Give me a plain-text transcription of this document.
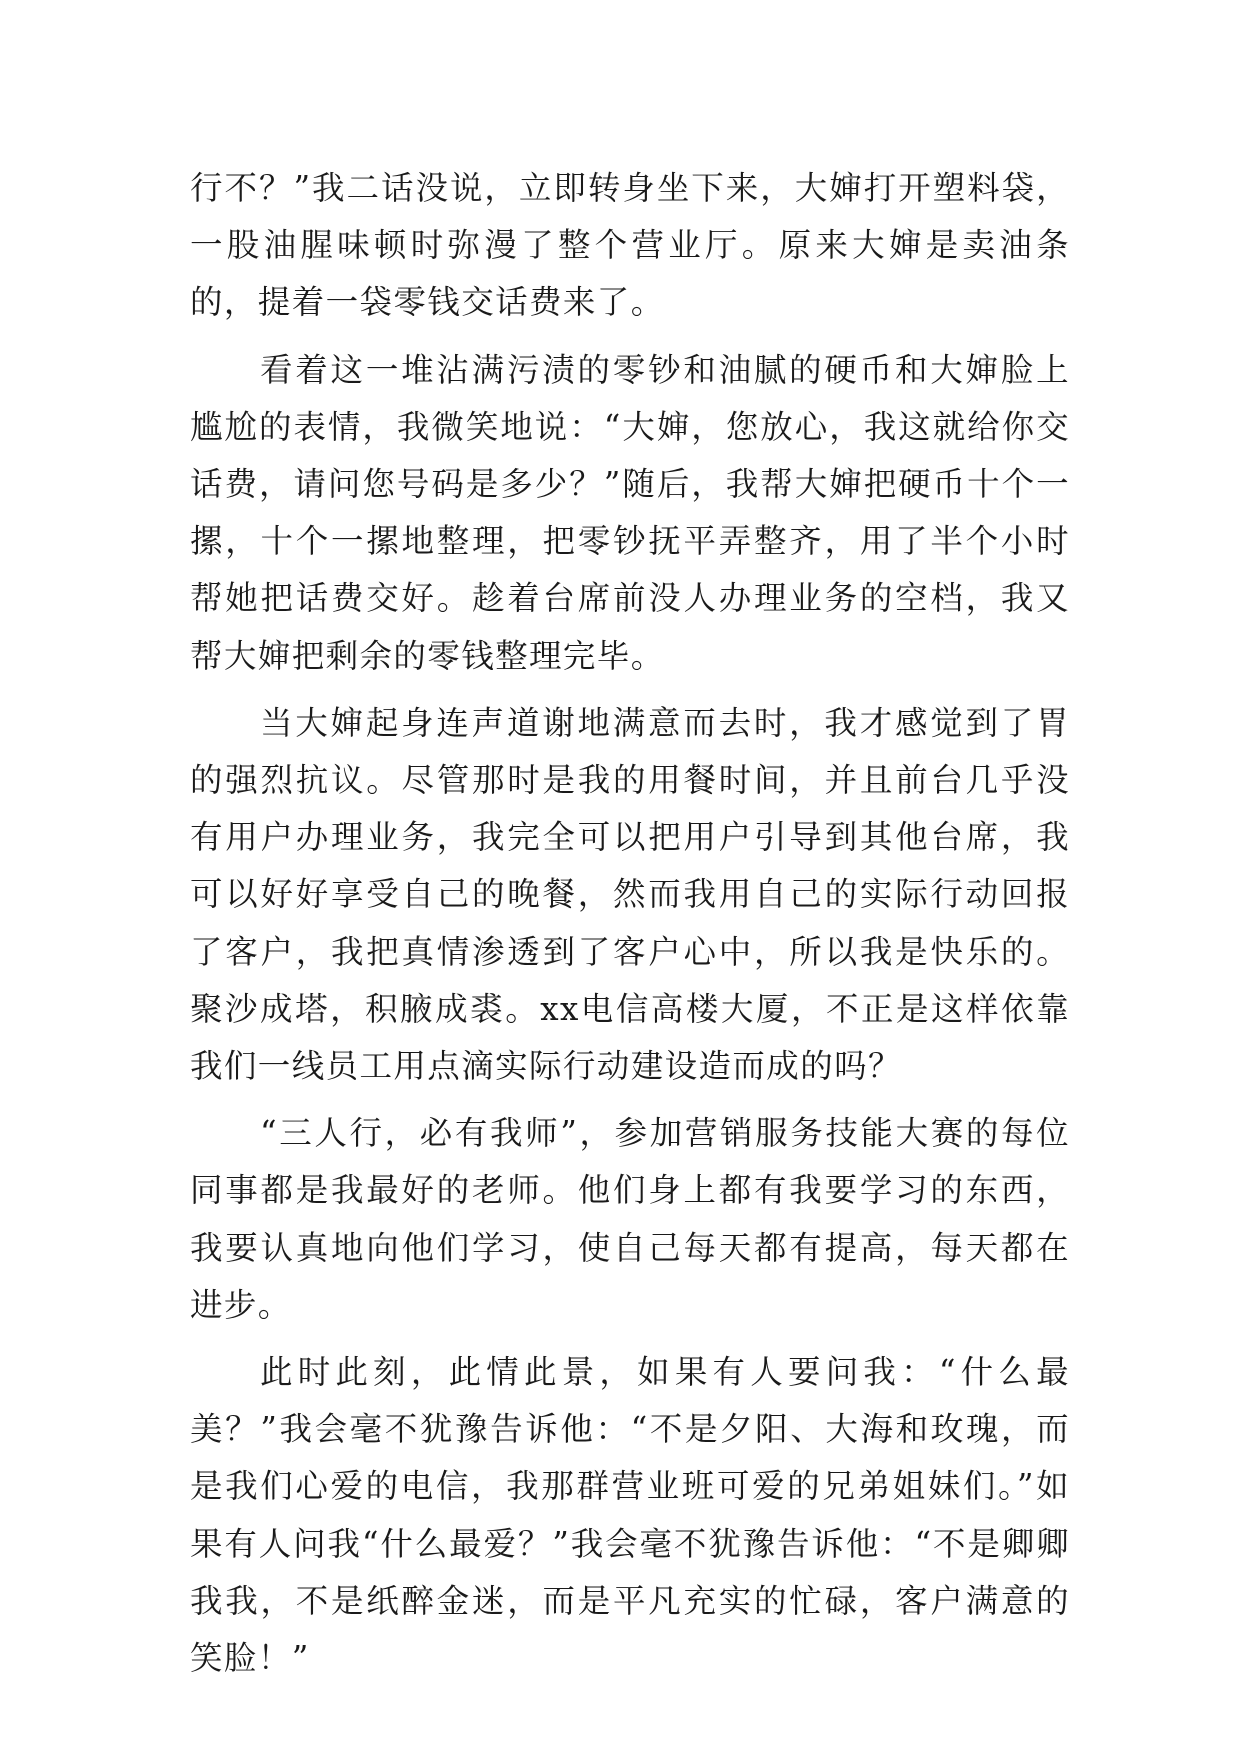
行不？”我二话没说，立即转身坐下来，大婶打开塑料袋，一股油腥味顿时弥漫了整个营业厅。原来大婶是卖油条的，提着一袋零钱交话费来了。

看着这一堆沾满污渍的零钞和油腻的硬币和大婶脸上尴尬的表情，我微笑地说：“大婶，您放心，我这就给你交话费，请问您号码是多少？”随后，我帮大婶把硬币十个一摞，十个一摞地整理，把零钞抚平弄整齐，用了半个小时帮她把话费交好。趁着台席前没人办理业务的空档，我又帮大婶把剩余的零钱整理完毕。

当大婶起身连声道谢地满意而去时，我才感觉到了胃的强烈抗议。尽管那时是我的用餐时间，并且前台几乎没有用户办理业务，我完全可以把用户引导到其他台席，我可以好好享受自己的晚餐，然而我用自己的实际行动回报了客户，我把真情渗透到了客户心中，所以我是快乐的。聚沙成塔，积腋成裘。xx电信高楼大厦，不正是这样依靠我们一线员工用点滴实际行动建设造而成的吗？

“三人行，必有我师”，参加营销服务技能大赛的每位同事都是我最好的老师。他们身上都有我要学习的东西，我要认真地向他们学习，使自己每天都有提高，每天都在进步。

此时此刻，此情此景，如果有人要问我：“什么最美？”我会毫不犹豫告诉他：“不是夕阳、大海和玫瑰，而是我们心爱的电信，我那群营业班可爱的兄弟姐妹们。”如果有人问我“什么最爱？”我会毫不犹豫告诉他：“不是卿卿我我，不是纸醉金迷，而是平凡充实的忙碌，客户满意的笑脸！”
